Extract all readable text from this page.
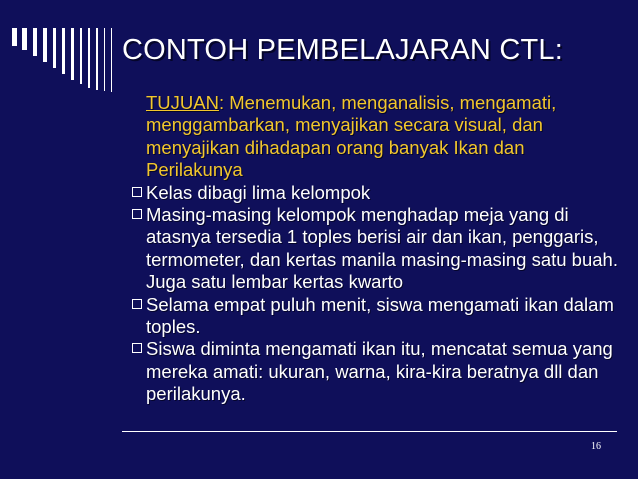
CONTOH PEMBELAJARAN CTL:
TUJUAN: Menemukan, menganalisis, mengamati, menggambarkan, menyajikan secara visual, dan menyajikan dihadapan orang banyak Ikan dan Perilakunya
Kelas dibagi lima kelompok
Masing-masing kelompok menghadap meja yang di atasnya tersedia 1 toples berisi air dan ikan, penggaris, termometer, dan kertas manila masing-masing satu buah. Juga satu lembar kertas kwarto
Selama empat puluh menit, siswa mengamati ikan dalam toples.
Siswa diminta mengamati ikan itu, mencatat semua yang mereka amati: ukuran, warna, kira-kira beratnya dll dan perilakunya.
16
